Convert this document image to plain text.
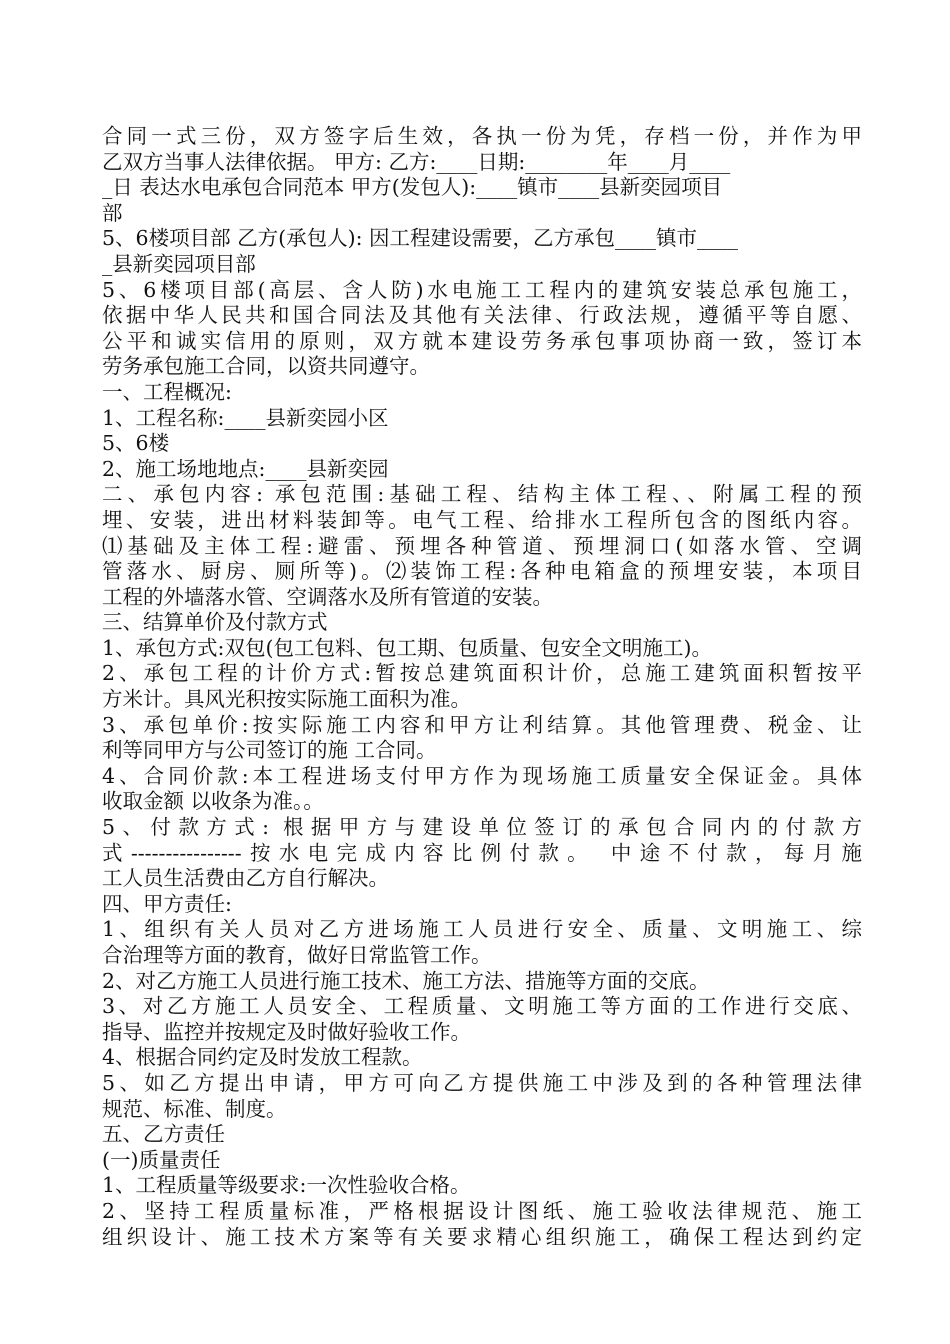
合同一式三份，双方签字后生效，各执一份为凭，存档一份，并作为甲
乙双方当事人法律依据。 甲方: 乙方:____日期:________年____月____
_日 表达水电承包合同范本 甲方(发包人):____镇市____县新奕园项目
部
5、6楼项目部 乙方(承包人): 因工程建设需要，乙方承包____镇市____
_县新奕园项目部
5、6楼项目部(高层、含人防)水电施工工程内的建筑安装总承包施工，
依据中华人民共和国合同法及其他有关法律、行政法规，遵循平等自愿、
公平和诚实信用的原则，双方就本建设劳务承包事项协商一致，签订本
劳务承包施工合同，以资共同遵守。
一、工程概况:
1、工程名称:____县新奕园小区
5、6楼
2、施工场地地点:____县新奕园
二、承包内容: 承包范围:基础工程、结构主体工程、、附属工程的预
埋、安装，进出材料装卸等。电气工程、给排水工程所包含的图纸内容。
⑴基础及主体工程:避雷、预埋各种管道、预埋洞口(如落水管、空调
管落水、厨房、厕所等)。⑵装饰工程:各种电箱盒的预埋安装，本项目
工程的外墙落水管、空调落水及所有管道的安装。
三、结算单价及付款方式
1、承包方式:双包(包工包料、包工期、包质量、包安全文明施工)。
2、承包工程的计价方式:暂按总建筑面积计价，总施工建筑面积暂按平
方米计。具风光积按实际施工面积为准。
3、承包单价:按实际施工内容和甲方让利结算。其他管理费、税金、让
利等同甲方与公司签订的施 工合同。
4、合同价款:本工程进场支付甲方作为现场施工质量安全保证金。具体
收取金额 以收条为准。。
5、付款方式: 根据甲方与建设单位签订的承包合同内的付款方
式----------------按水电完成内容比例付款。 中途不付款，每月施
工人员生活费由乙方自行解决。
四、甲方责任:
1、组织有关人员对乙方进场施工人员进行安全、质量、文明施工、综
合治理等方面的教育，做好日常监管工作。
2、对乙方施工人员进行施工技术、施工方法、措施等方面的交底。
3、对乙方施工人员安全、工程质量、文明施工等方面的工作进行交底、
指导、监控并按规定及时做好验收工作。
4、根据合同约定及时发放工程款。
5、如乙方提出申请，甲方可向乙方提供施工中涉及到的各种管理法律
规范、标准、制度。
五、乙方责任
(一)质量责任
1、工程质量等级要求:一次性验收合格。
2、坚持工程质量标准，严格根据设计图纸、施工验收法律规范、施工
组织设计、施工技术方案等有关要求精心组织施工，确保工程达到约定
